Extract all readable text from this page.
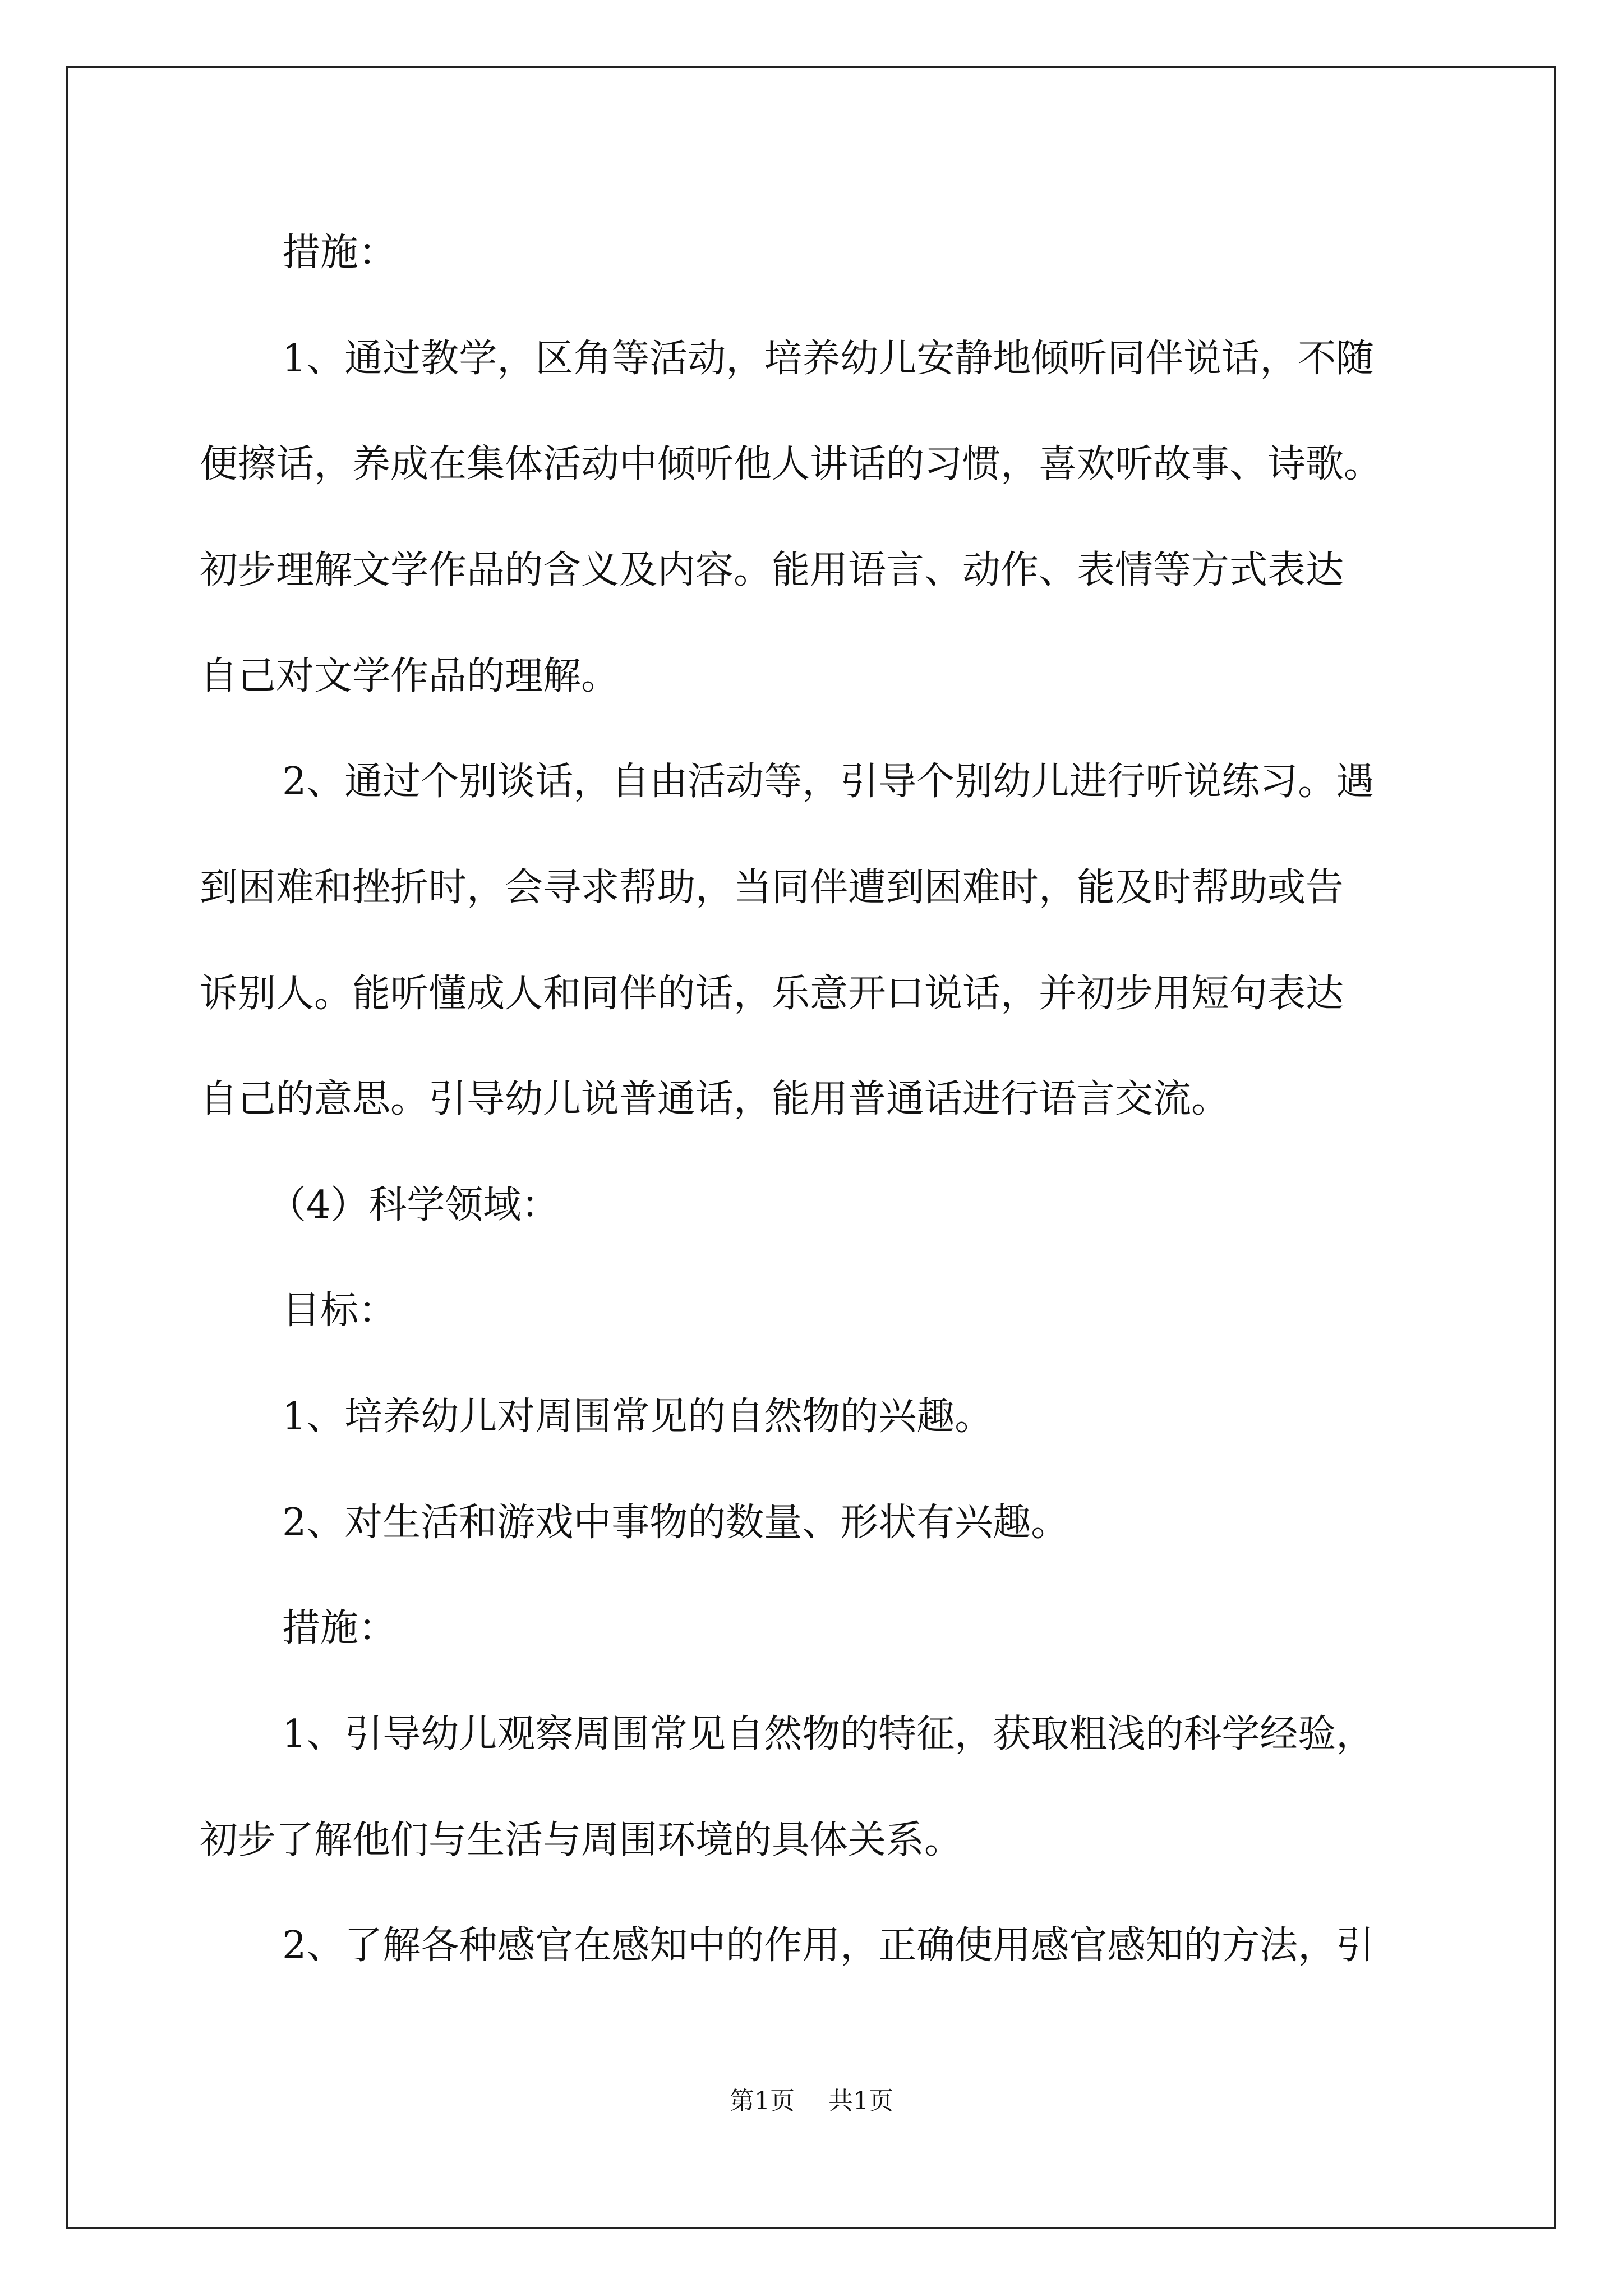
措施：
1、通过教学，区角等活动，培养幼儿安静地倾听同伴说话，不随
便擦话，养成在集体活动中倾听他人讲话的习惯，喜欢听故事、诗歌。
初步理解文学作品的含义及内容。能用语言、动作、表情等方式表达
自己对文学作品的理解。
2、通过个别谈话，自由活动等，引导个别幼儿进行听说练习。遇
到困难和挫折时，会寻求帮助，当同伴遭到困难时，能及时帮助或告
诉别人。能听懂成人和同伴的话，乐意开口说话，并初步用短句表达
自己的意思。引导幼儿说普通话，能用普通话进行语言交流。
（4）科学领域：
目标：
1、培养幼儿对周围常见的自然物的兴趣。
2、对生活和游戏中事物的数量、形状有兴趣。
措施：
1、引导幼儿观察周围常见自然物的特征，获取粗浅的科学经验，
初步了解他们与生活与周围环境的具体关系。
2、了解各种感官在感知中的作用，正确使用感官感知的方法，引
第1页 共1页
